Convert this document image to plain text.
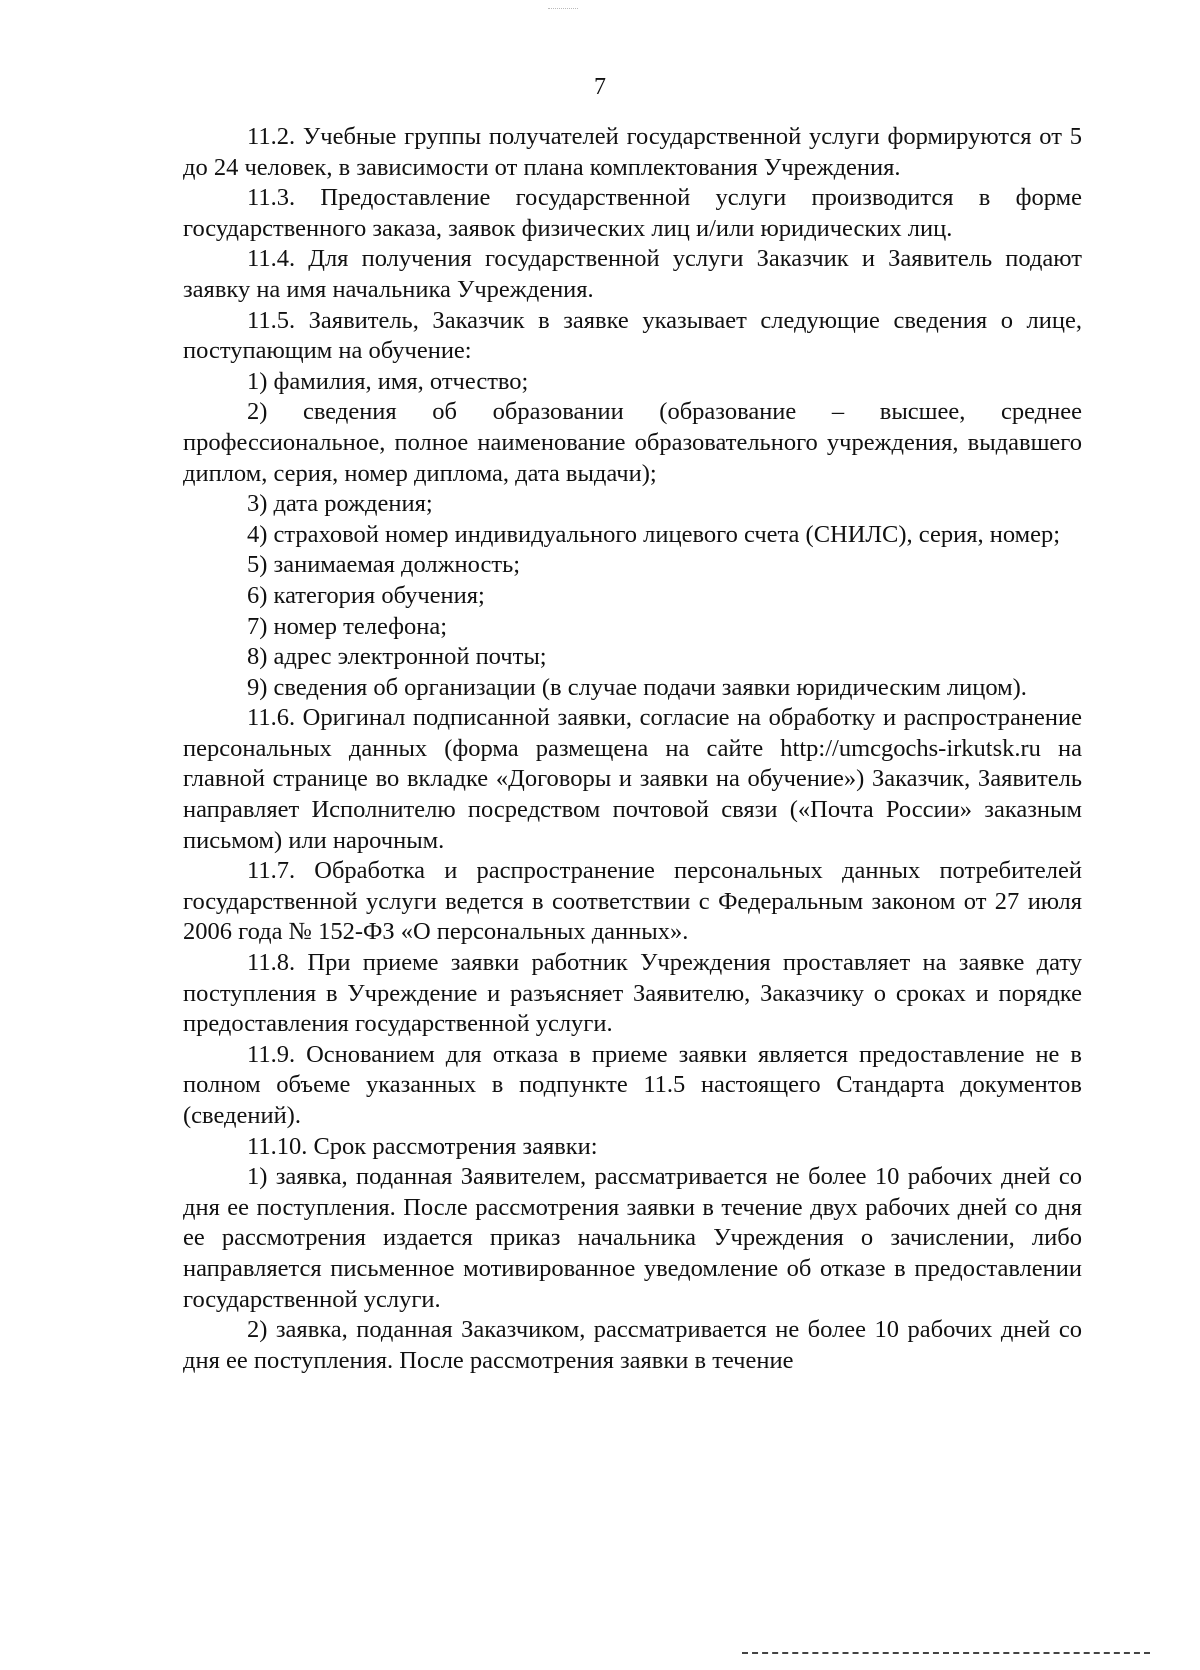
7

11.2. Учебные группы получателей государственной услуги формируются от 5 до 24 человек, в зависимости от плана комплектования Учреждения.

11.3. Предоставление государственной услуги производится в форме государственного заказа, заявок физических лиц и/или юридических лиц.

11.4. Для получения государственной услуги Заказчик и Заявитель подают заявку на имя начальника Учреждения.

11.5. Заявитель, Заказчик в заявке указывает следующие сведения о лице, поступающим на обучение:

1) фамилия, имя, отчество;

2) сведения об образовании (образование – высшее, среднее профессиональное, полное наименование образовательного учреждения, выдавшего диплом, серия, номер диплома, дата выдачи);

3) дата рождения;

4) страховой номер индивидуального лицевого счета (СНИЛС), серия, номер;

5) занимаемая должность;

6) категория обучения;

7) номер телефона;

8) адрес электронной почты;

9) сведения об организации (в случае подачи заявки юридическим лицом).

11.6. Оригинал подписанной заявки, согласие на обработку и распространение персональных данных (форма размещена на сайте http://umcgochs-irkutsk.ru на главной странице во вкладке «Договоры и заявки на обучение») Заказчик, Заявитель направляет Исполнителю посредством почтовой связи («Почта России» заказным письмом) или нарочным.

11.7. Обработка и распространение персональных данных потребителей государственной услуги ведется в соответствии с Федеральным законом от 27 июля 2006 года № 152-ФЗ «О персональных данных».

11.8. При приеме заявки работник Учреждения проставляет на заявке дату поступления в Учреждение и разъясняет Заявителю, Заказчику о сроках и порядке предоставления государственной услуги.

11.9. Основанием для отказа в приеме заявки является предоставление не в полном объеме указанных в подпункте 11.5 настоящего Стандарта документов (сведений).

11.10. Срок рассмотрения заявки:

1) заявка, поданная Заявителем, рассматривается не более 10 рабочих дней со дня ее поступления. После рассмотрения заявки в течение двух рабочих дней со дня ее рассмотрения издается приказ начальника Учреждения о зачислении, либо направляется письменное мотивированное уведомление об отказе в предоставлении государственной услуги.

2) заявка, поданная Заказчиком, рассматривается не более 10 рабочих дней со дня ее поступления. После рассмотрения заявки в течение
